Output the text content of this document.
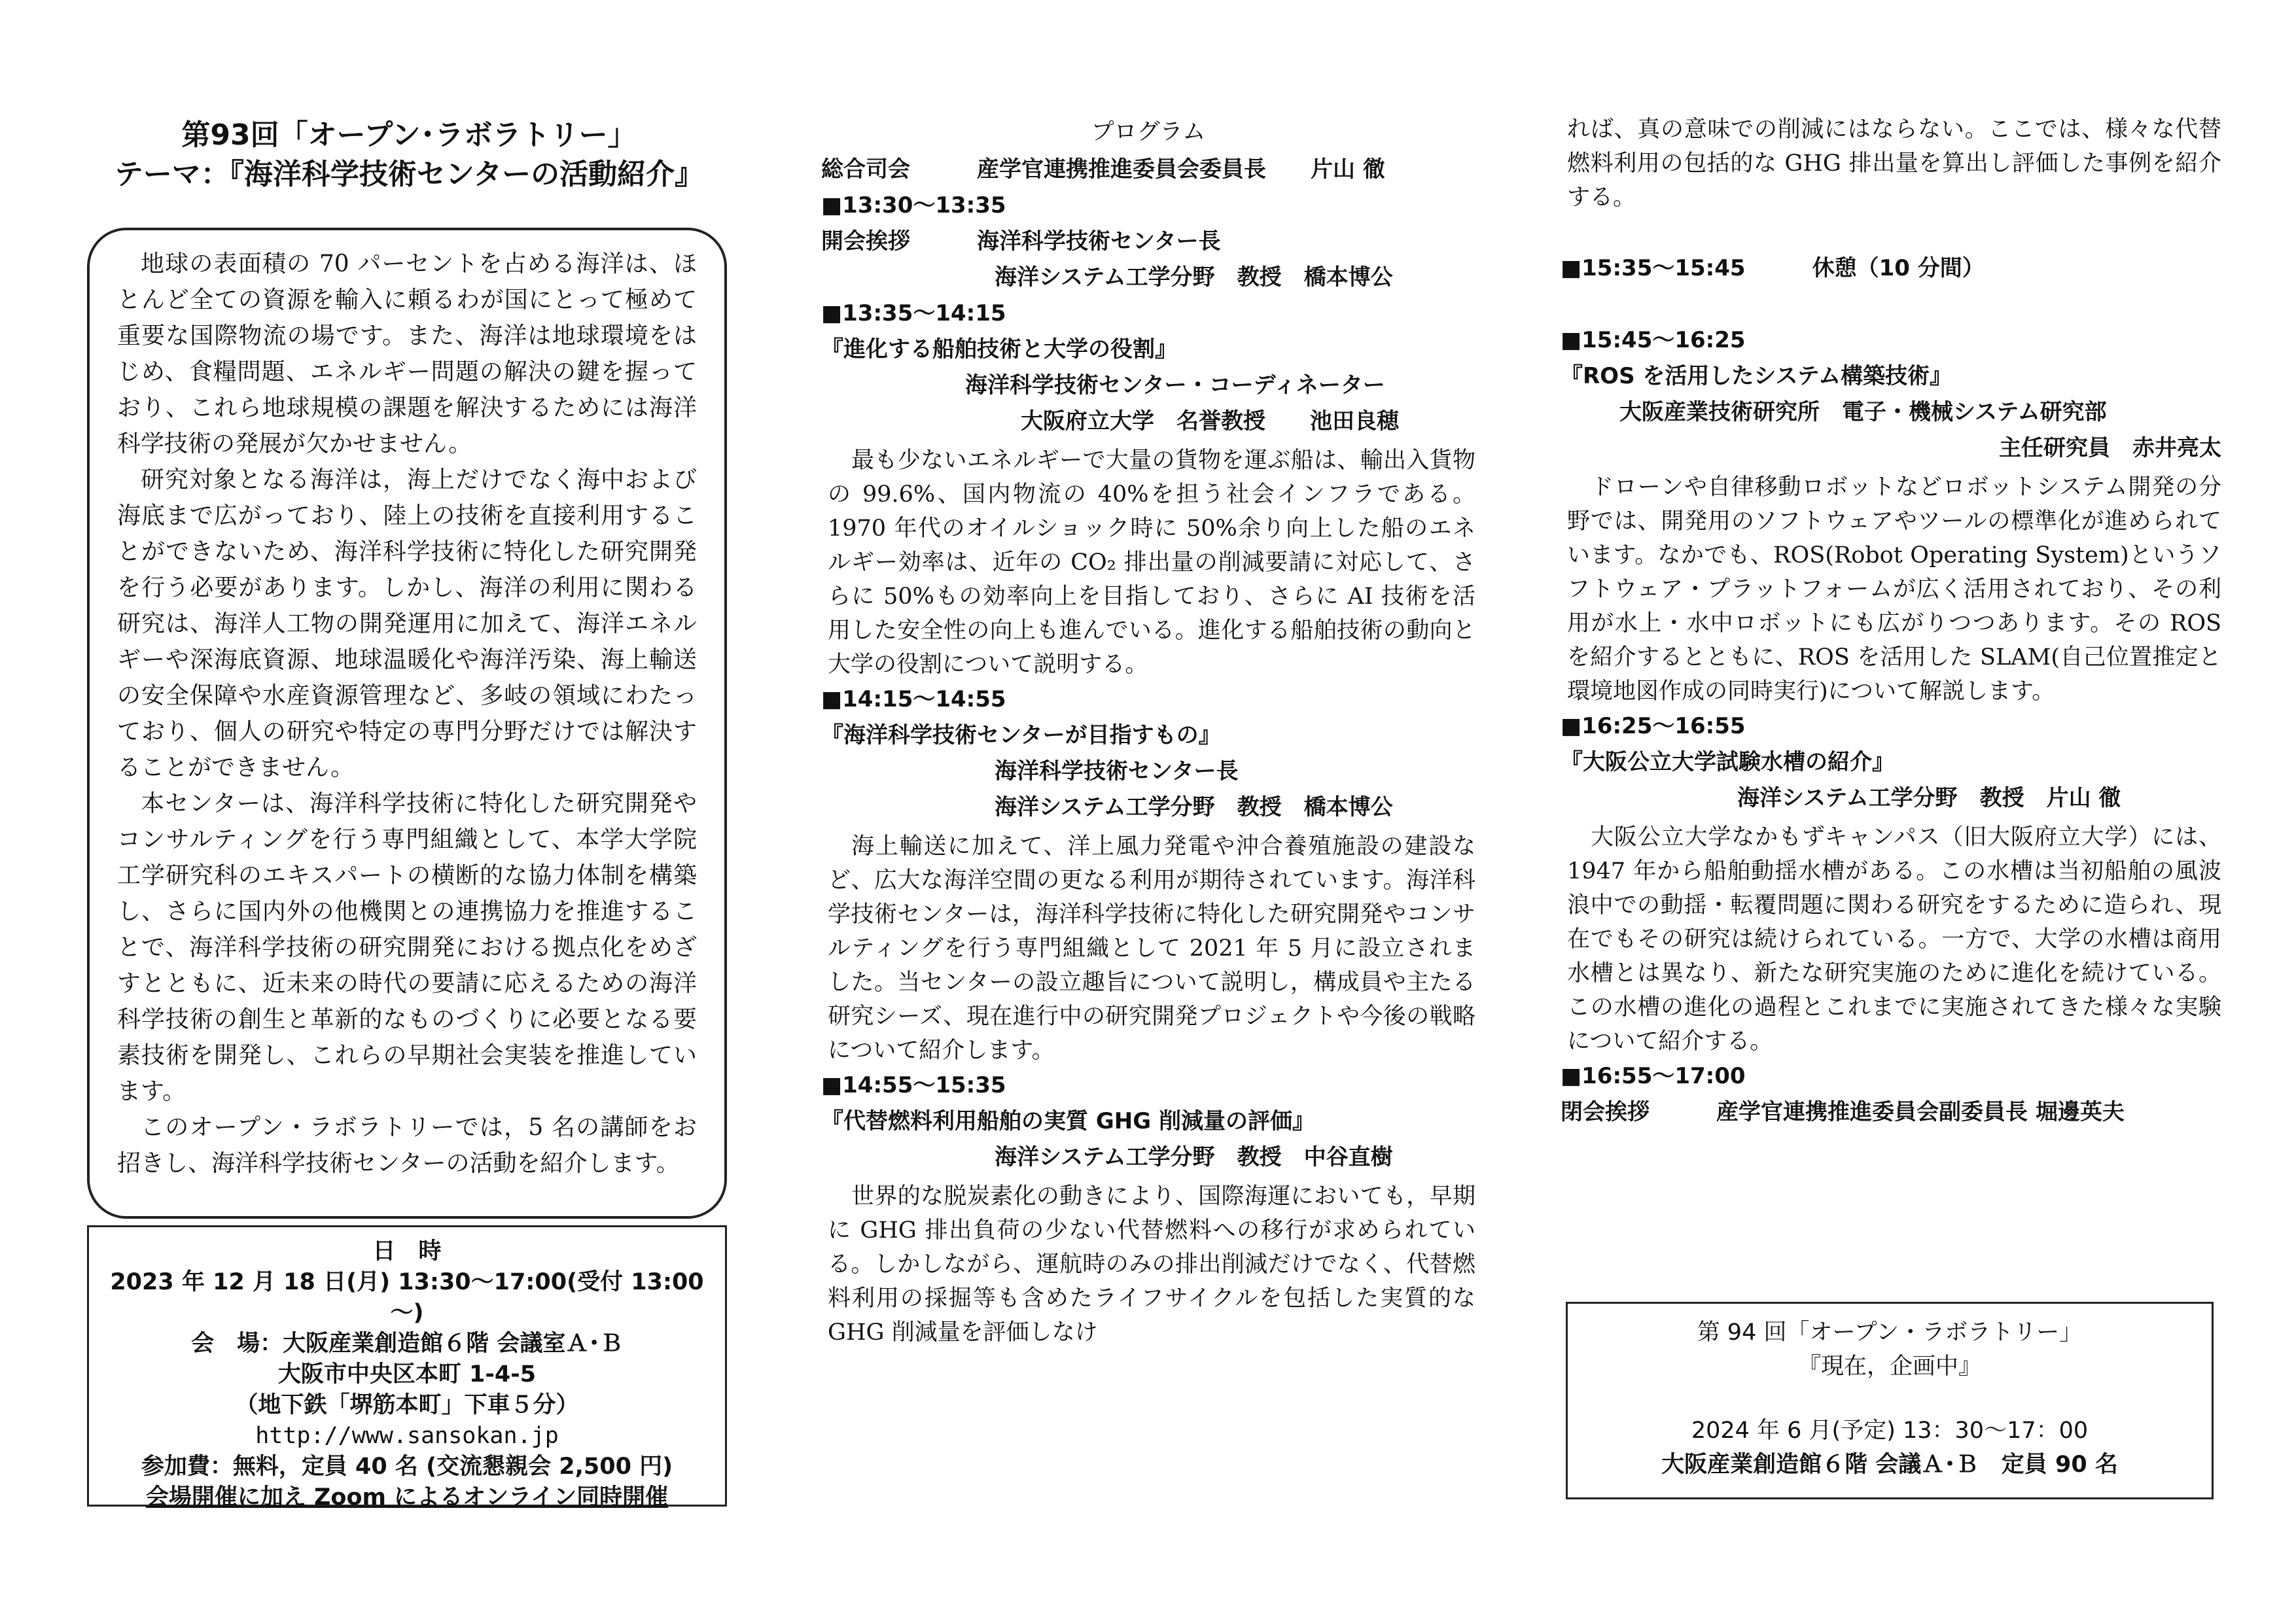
第93回「オープン･ラボラトリー」
テーマ：『海洋科学技術センターの活動紹介』

地球の表面積の 70 パーセントを占める海洋は、ほとんど全ての資源を輸入に頼るわが国にとって極めて重要な国際物流の場です。また、海洋は地球環境をはじめ、食糧問題、エネルギー問題の解決の鍵を握っており、これら地球規模の課題を解決するためには海洋科学技術の発展が欠かせません。

研究対象となる海洋は，海上だけでなく海中および海底まで広がっており、陸上の技術を直接利用することができないため、海洋科学技術に特化した研究開発を行う必要があります。しかし、海洋の利用に関わる研究は、海洋人工物の開発運用に加えて、海洋エネルギーや深海底資源、地球温暖化や海洋汚染、海上輸送の安全保障や水産資源管理など、多岐の領域にわたっており、個人の研究や特定の専門分野だけでは解決することができません。

本センターは、海洋科学技術に特化した研究開発やコンサルティングを行う専門組織として、本学大学院工学研究科のエキスパートの横断的な協力体制を構築し、さらに国内外の他機関との連携協力を推進することで、海洋科学技術の研究開発における拠点化をめざすとともに、近未来の時代の要請に応えるための海洋科学技術の創生と革新的なものづくりに必要となる要素技術を開発し、これらの早期社会実装を推進しています。

このオープン・ラボラトリーでは，5 名の講師をお招きし、海洋科学技術センターの活動を紹介します。

日　時
2023 年 12 月 18 日(月) 13:30～17:00(受付 13:00～)
会　場：大阪産業創造館６階 会議室Ａ･Ｂ
大阪市中央区本町 1-4-5
（地下鉄「堺筋本町」下車５分）
http://www.sansokan.jp
参加費：無料，定員 40 名 (交流懇親会 2,500 円)
会場開催に加え Zoom によるオンライン同時開催
プログラム
総合司会　　　産学官連携推進委員会委員長　　片山 徹
■13:30～13:35
開会挨拶　　　海洋科学技術センター長
海洋システム工学分野　教授　橋本博公
■13:35～14:15
『進化する船舶技術と大学の役割』
海洋科学技術センター・コーディネーター
大阪府立大学　名誉教授　　池田良穂

最も少ないエネルギーで大量の貨物を運ぶ船は、輸出入貨物の 99.6%、国内物流の 40%を担う社会インフラである。1970 年代のオイルショック時に 50%余り向上した船のエネルギー効率は、近年の CO₂ 排出量の削減要請に対応して、さらに 50%もの効率向上を目指しており、さらに AI 技術を活用した安全性の向上も進んでいる。進化する船舶技術の動向と大学の役割について説明する。

■14:15～14:55
『海洋科学技術センターが目指すもの』
海洋科学技術センター長
海洋システム工学分野　教授　橋本博公

海上輸送に加えて、洋上風力発電や沖合養殖施設の建設など、広大な海洋空間の更なる利用が期待されています。海洋科学技術センターは，海洋科学技術に特化した研究開発やコンサルティングを行う専門組織として 2021 年 5 月に設立されました。当センターの設立趣旨について説明し，構成員や主たる研究シーズ、現在進行中の研究開発プロジェクトや今後の戦略について紹介します。

■14:55～15:35
『代替燃料利用船舶の実質 GHG 削減量の評価』
海洋システム工学分野　教授　中谷直樹

世界的な脱炭素化の動きにより、国際海運においても，早期に GHG 排出負荷の少ない代替燃料への移行が求められている。しかしながら、運航時のみの排出削減だけでなく、代替燃料利用の採掘等も含めたライフサイクルを包括した実質的な GHG 削減量を評価しなけ

れば、真の意味での削減にはならない。ここでは、様々な代替燃料利用の包括的な GHG 排出量を算出し評価した事例を紹介する。

■15:35～15:45　　　休憩（10 分間）
■15:45～16:25
『ROS を活用したシステム構築技術』
大阪産業技術研究所　電子・機械システム研究部
主任研究員　赤井亮太

ドローンや自律移動ロボットなどロボットシステム開発の分野では、開発用のソフトウェアやツールの標準化が進められています。なかでも、ROS(Robot Operating System)というソフトウェア・プラットフォームが広く活用されており、その利用が水上・水中ロボットにも広がりつつあります。その ROS を紹介するとともに、ROS を活用した SLAM(自己位置推定と環境地図作成の同時実行)について解説します。

■16:25～16:55
『大阪公立大学試験水槽の紹介』
海洋システム工学分野　教授　片山 徹

大阪公立大学なかもずキャンパス（旧大阪府立大学）には、1947 年から船舶動揺水槽がある。この水槽は当初船舶の風波浪中での動揺・転覆問題に関わる研究をするために造られ、現在でもその研究は続けられている。一方で、大学の水槽は商用水槽とは異なり、新たな研究実施のために進化を続けている。この水槽の進化の過程とこれまでに実施されてきた様々な実験について紹介する。

■16:55～17:00
閉会挨拶　　　産学官連携推進委員会副委員長 堀邊英夫
第 94 回「オープン・ラボラトリー」
『現在，企画中』
2024 年 6 月(予定) 13：30～17：00
大阪産業創造館６階 会議Ａ･Ｂ　定員 90 名
